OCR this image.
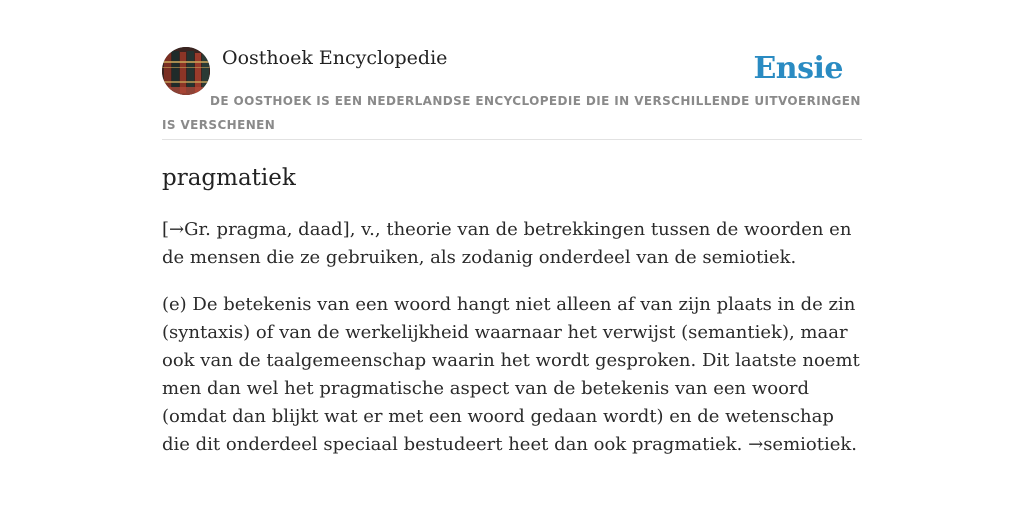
Oosthoek Encyclopedie	Ensie
DE OOSTHOEK IS EEN NEDERLANDSE ENCYCLOPEDIE DIE IN VERSCHILLENDE UITVOERINGEN IS VERSCHENEN
pragmatiek

[→Gr. pragma, daad], v., theorie van de betrekkingen tussen de woorden en de mensen die ze gebruiken, als zodanig onderdeel van de semiotiek.

(e) De betekenis van een woord hangt niet alleen af van zijn plaats in de zin (syntaxis) of van de werkelijkheid waarnaar het verwijst (semantiek), maar ook van de taalgemeenschap waarin het wordt gesproken. Dit laatste noemt men dan wel het pragmatische aspect van de betekenis van een woord (omdat dan blijkt wat er met een woord gedaan wordt) en de wetenschap die dit onderdeel speciaal bestudeert heet dan ook pragmatiek. →semiotiek.
